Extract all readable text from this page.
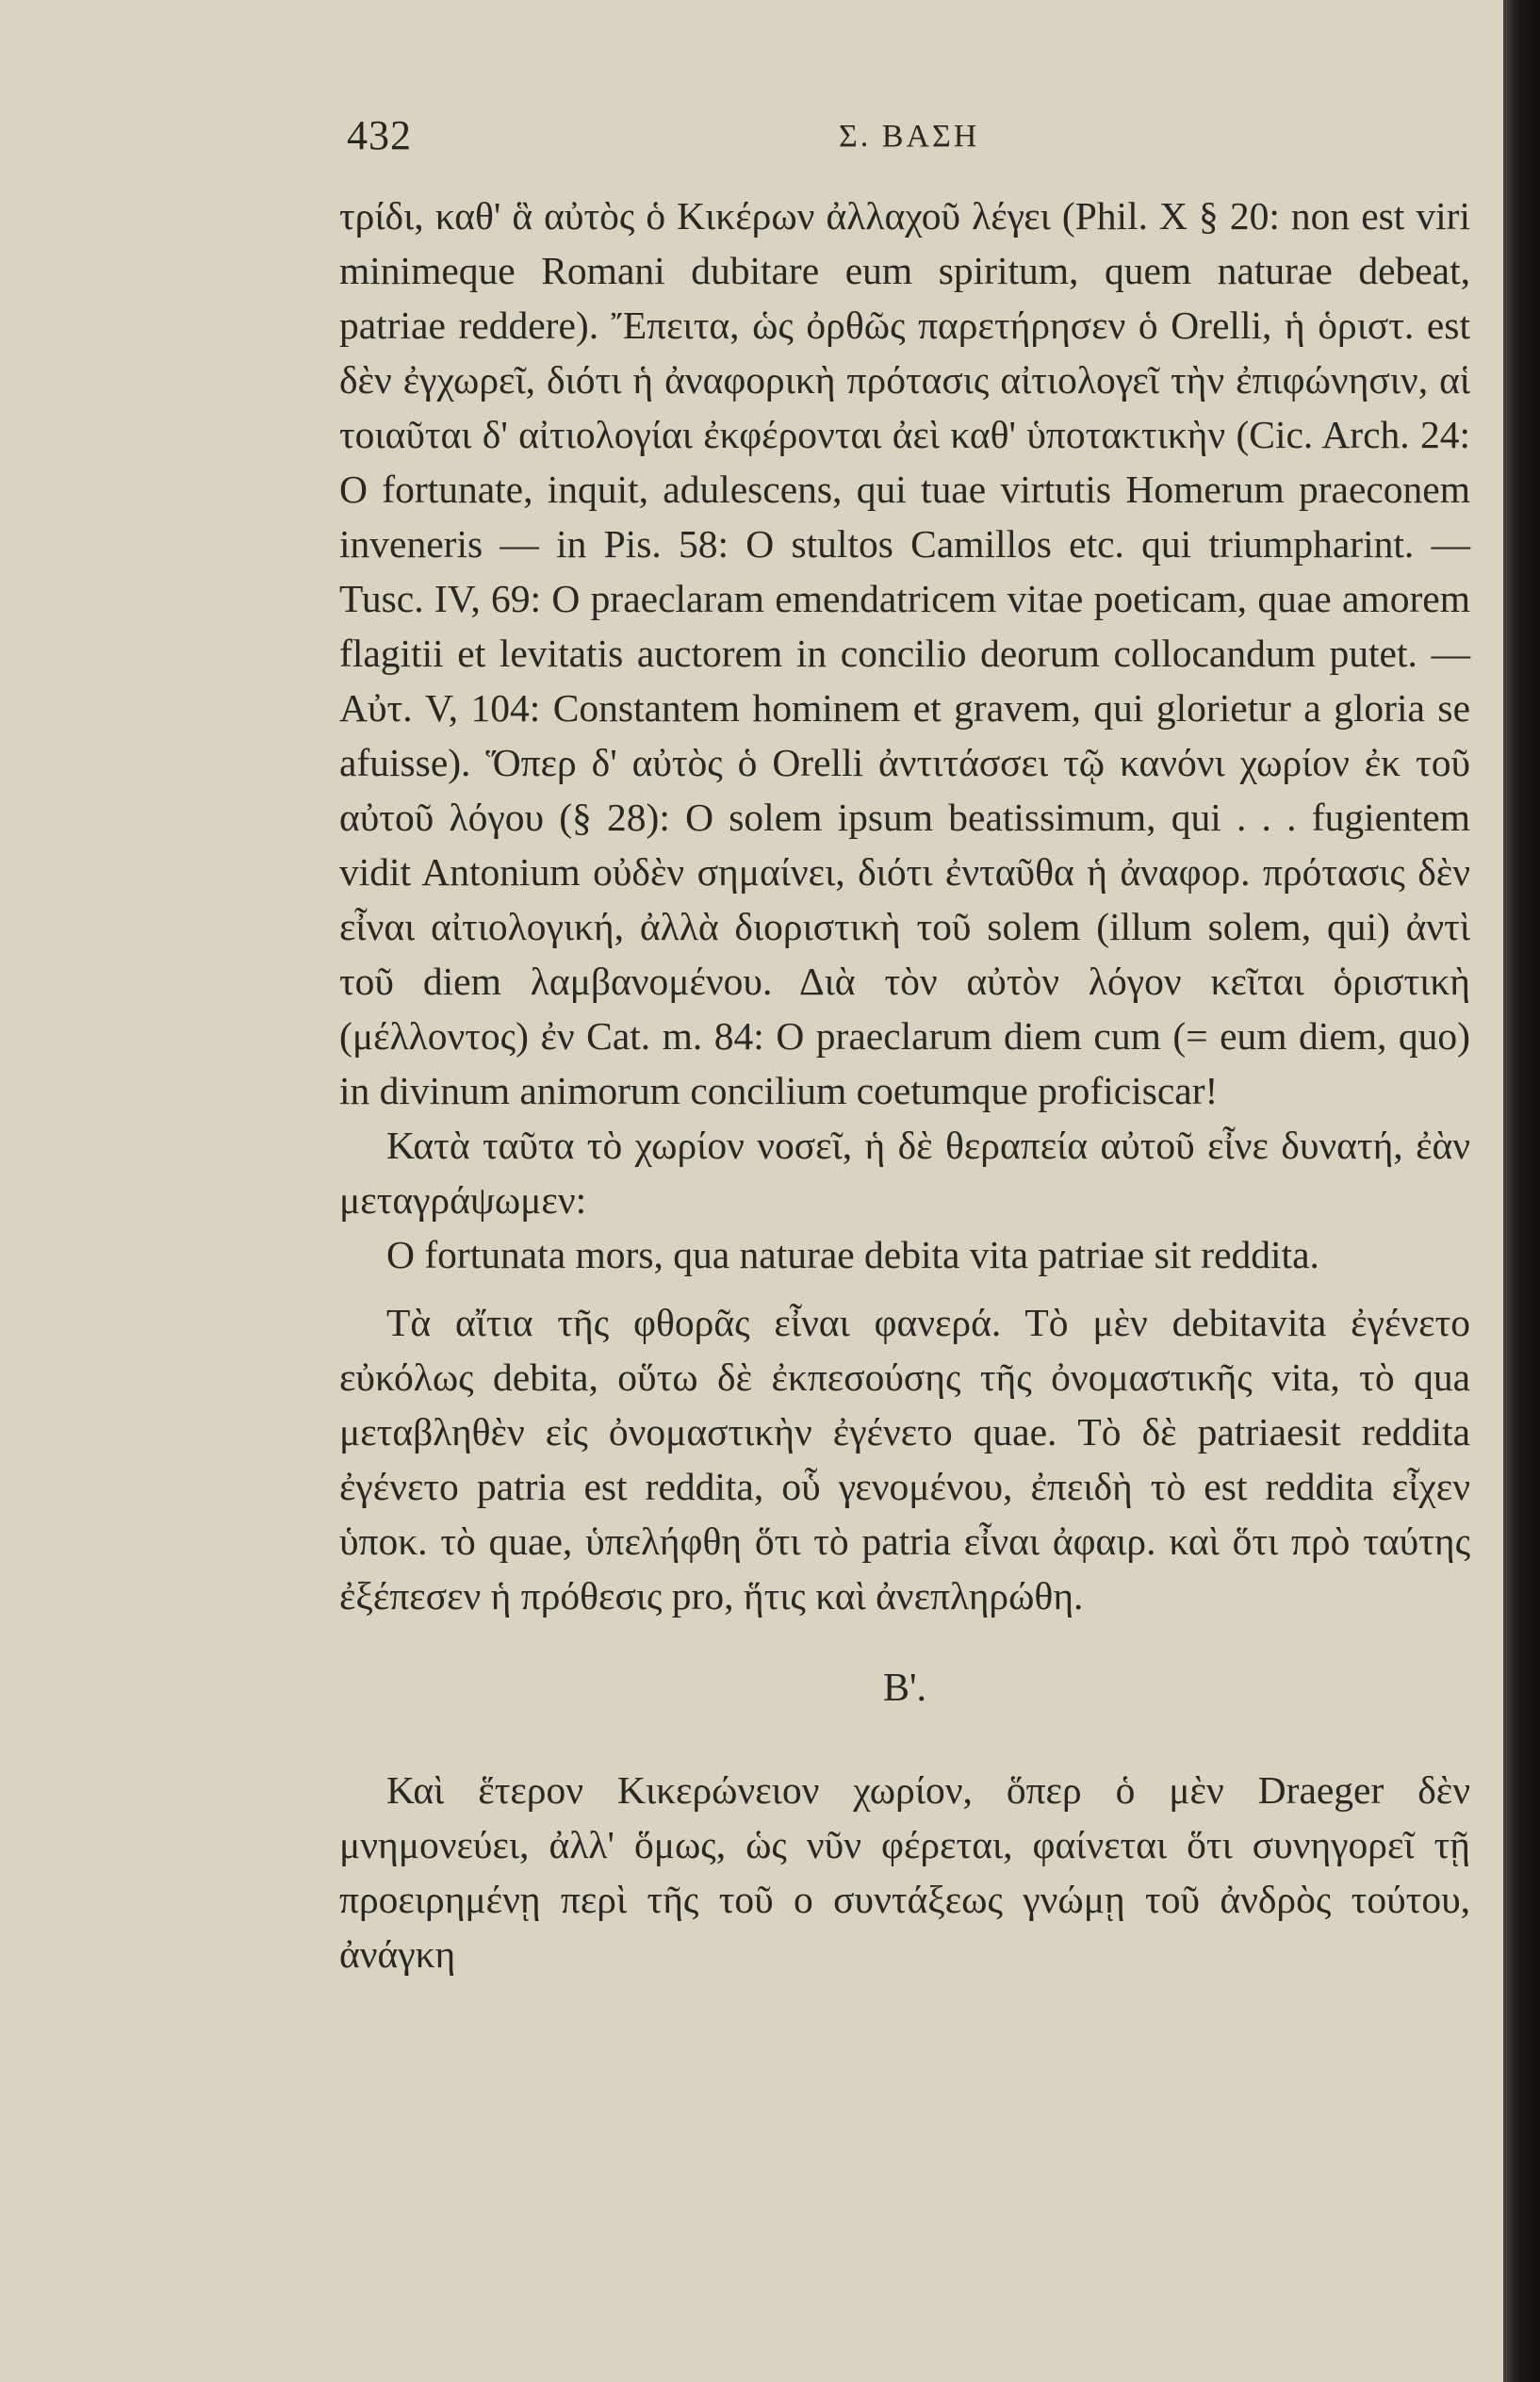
432	Σ. ΒΑΣΗ

τρίδι, καθ' ἃ αὐτὸς ὁ Κικέρων ἀλλαχοῦ λέγει (Phil. X § 20: non est viri minimeque Romani dubitare eum spiritum, quem naturae debeat, patriae reddere). Ἔπειτα, ὡς ὀρθῶς παρετήρησεν ὁ Orelli, ἡ ὁριστ. est δὲν ἐγχωρεῖ, διότι ἡ ἀναφορικὴ πρότασις αἰτιολογεῖ τὴν ἐπιφώνησιν, αἱ τοιαῦται δ' αἰτιολογίαι ἐκφέρονται ἀεὶ καθ' ὑποτακτικὴν (Cic. Arch. 24: O fortunate, inquit, adulescens, qui tuae virtutis Homerum praeconem inveneris — in Pis. 58: O stultos Camillos etc. qui triumpharint. — Tusc. IV, 69: O praeclaram emendatricem vitae poeticam, quae amorem flagitii et levitatis auctorem in concilio deorum collocandum putet. — Αὐτ. V, 104: Constantem hominem et gravem, qui glorietur a gloria se afuisse). Ὅπερ δ' αὐτὸς ὁ Orelli ἀντιτάσσει τῷ κανόνι χωρίον ἐκ τοῦ αὐτοῦ λόγου (§ 28): O solem ipsum beatissimum, qui . . . fugientem vidit Antonium οὐδὲν σημαίνει, διότι ἐνταῦθα ἡ ἀναφορ. πρότασις δὲν εἶναι αἰτιολογική, ἀλλὰ διοριστικὴ τοῦ solem (illum solem, qui) ἀντὶ τοῦ diem λαμβανομένου. Διὰ τὸν αὐτὸν λόγον κεῖται ὁριστικὴ (μέλλοντος) ἐν Cat. m. 84: O praeclarum diem cum (= eum diem, quo) in divinum animorum concilium coetumque proficiscar!

Κατὰ ταῦτα τὸ χωρίον νοσεῖ, ἡ δὲ θεραπεία αὐτοῦ εἶνε δυνατή, ἐὰν μεταγράψωμεν:

O fortunata mors, qua naturae debita vita patriae sit reddita.

Τὰ αἴτια τῆς φθορᾶς εἶναι φανερά. Τὸ μὲν debitavita ἐγένετο εὐκόλως debita, οὕτω δὲ ἐκπεσούσης τῆς ὀνομαστικῆς vita, τὸ qua μεταβληθὲν εἰς ὀνομαστικὴν ἐγένετο quae. Τὸ δὲ patriaesit reddita ἐγένετο patria est reddita, οὗ γενομένου, ἐπειδὴ τὸ est reddita εἶχεν ὑποκ. τὸ quae, ὑπελήφθη ὅτι τὸ patria εἶναι ἀφαιρ. καὶ ὅτι πρὸ ταύτης ἐξέπεσεν ἡ πρόθεσις pro, ἥτις καὶ ἀνεπληρώθη.

Β'.

Καὶ ἕτερον Κικερώνειον χωρίον, ὅπερ ὁ μὲν Draeger δὲν μνημονεύει, ἀλλ' ὅμως, ὡς νῦν φέρεται, φαίνεται ὅτι συνηγορεῖ τῇ προειρημένῃ περὶ τῆς τοῦ ο συντάξεως γνώμῃ τοῦ ἀνδρὸς τούτου, ἀνάγκη
